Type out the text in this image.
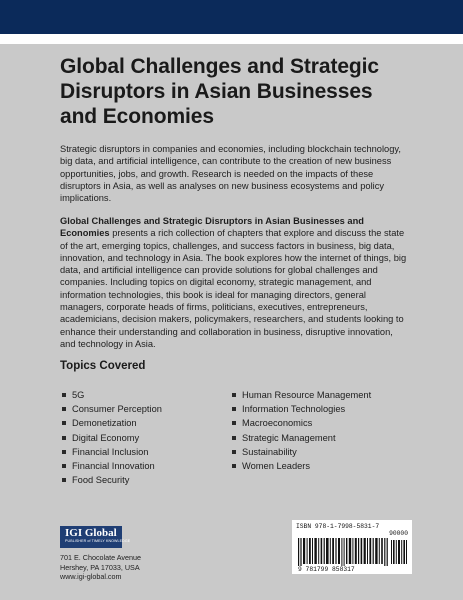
Global Challenges and Strategic Disruptors in Asian Businesses and Economies

Strategic disruptors in companies and economies, including blockchain technology, big data, and artificial intelligence, can contribute to the creation of new business opportunities, jobs, and growth. Research is needed on the impacts of these disruptors in Asia, as well as analyses on new business ecosystems and policy implications.

Global Challenges and Strategic Disruptors in Asian Businesses and Economies presents a rich collection of chapters that explore and discuss the state of the art, emerging topics, challenges, and success factors in business, big data, innovation, and technology in Asia. The book explores how the internet of things, big data, and artificial intelligence can provide solutions for global challenges and companies. Including topics on digital economy, strategic management, and information technologies, this book is ideal for managing directors, general managers, corporate heads of firms, politicians, executives, entrepreneurs, academicians, decision makers, policymakers, researchers, and students looking to enhance their understanding and collaboration in business, disruptive innovation, and technology in Asia.

Topics Covered
5G
Consumer Perception
Demonetization
Digital Economy
Financial Inclusion
Financial Innovation
Food Security
Human Resource Management
Information Technologies
Macroeconomics
Strategic Management
Sustainability
Women Leaders
IGI Global
PUBLISHER of TIMELY KNOWLEDGE
701 E. Chocolate Avenue
Hershey, PA 17033, USA
www.igi-global.com
ISBN 978-1-7998-5831-7
90000
9 781799 858317
